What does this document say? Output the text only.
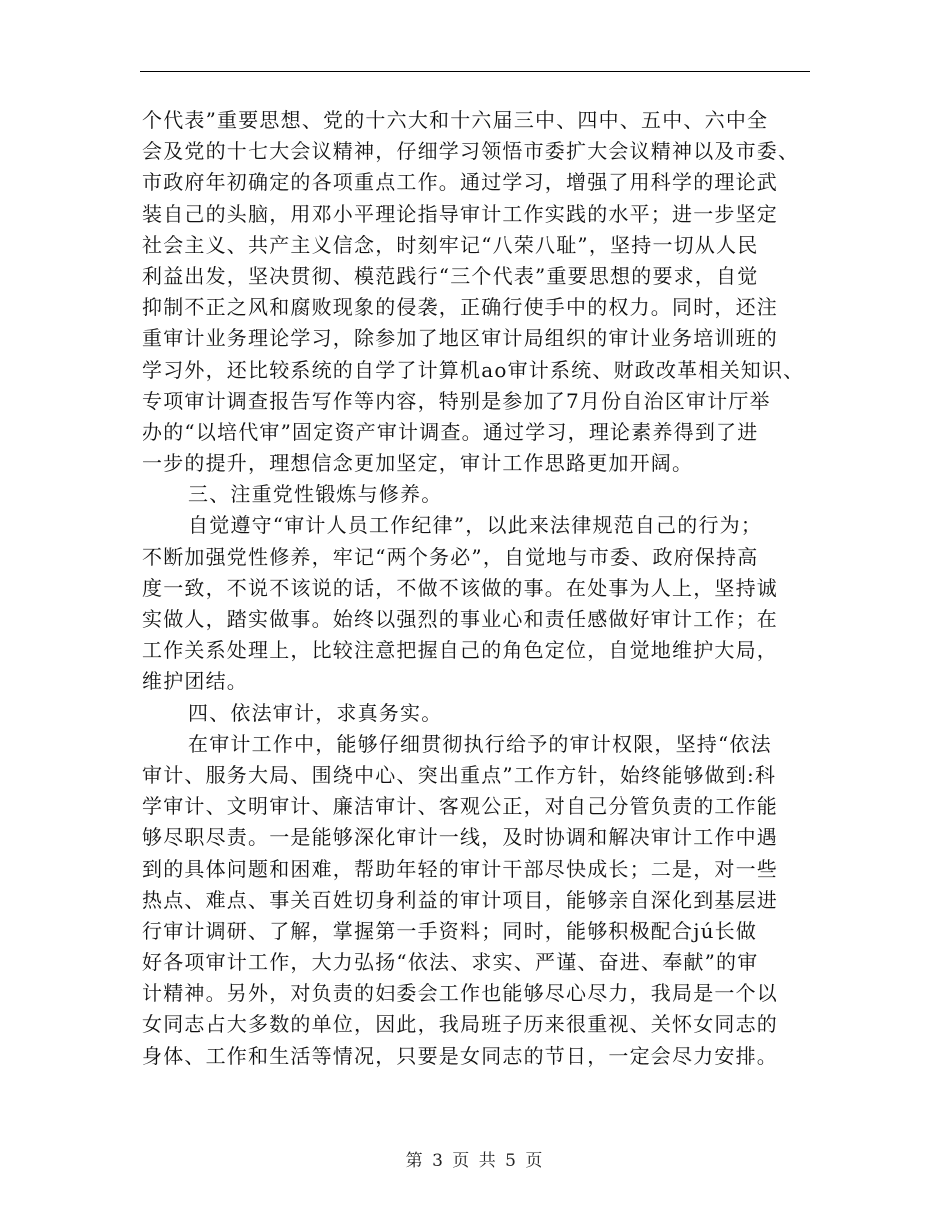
个代表”重要思想、党的十六大和十六届三中、四中、五中、六中全
会及党的十七大会议精神，仔细学习领悟市委扩大会议精神以及市委、
市政府年初确定的各项重点工作。通过学习，增强了用科学的理论武
装自己的头脑，用邓小平理论指导审计工作实践的水平；进一步坚定
社会主义、共产主义信念，时刻牢记“八荣八耻”，坚持一切从人民
利益出发，坚决贯彻、模范践行“三个代表”重要思想的要求，自觉
抑制不正之风和腐败现象的侵袭，正确行使手中的权力。同时，还注
重审计业务理论学习，除参加了地区审计局组织的审计业务培训班的
学习外，还比较系统的自学了计算机ao审计系统、财政改革相关知识、
专项审计调查报告写作等内容，特别是参加了7月份自治区审计厅举
办的“以培代审”固定资产审计调查。通过学习，理论素养得到了进
一步的提升，理想信念更加坚定，审计工作思路更加开阔。
三、注重党性锻炼与修养。
自觉遵守“审计人员工作纪律”，以此来法律规范自己的行为；
不断加强党性修养，牢记“两个务必”，自觉地与市委、政府保持高
度一致，不说不该说的话，不做不该做的事。在处事为人上，坚持诚
实做人，踏实做事。始终以强烈的事业心和责任感做好审计工作；在
工作关系处理上，比较注意把握自己的角色定位，自觉地维护大局，
维护团结。
四、依法审计，求真务实。
在审计工作中，能够仔细贯彻执行给予的审计权限，坚持“依法
审计、服务大局、围绕中心、突出重点”工作方针，始终能够做到:科
学审计、文明审计、廉洁审计、客观公正，对自己分管负责的工作能
够尽职尽责。一是能够深化审计一线，及时协调和解决审计工作中遇
到的具体问题和困难，帮助年轻的审计干部尽快成长；二是，对一些
热点、难点、事关百姓切身利益的审计项目，能够亲自深化到基层进
行审计调研、了解，掌握第一手资料；同时，能够积极配合jú长做
好各项审计工作，大力弘扬“依法、求实、严谨、奋进、奉献”的审
计精神。另外，对负责的妇委会工作也能够尽心尽力，我局是一个以
女同志占大多数的单位，因此，我局班子历来很重视、关怀女同志的
身体、工作和生活等情况，只要是女同志的节日，一定会尽力安排。
第 3 页 共 5 页
